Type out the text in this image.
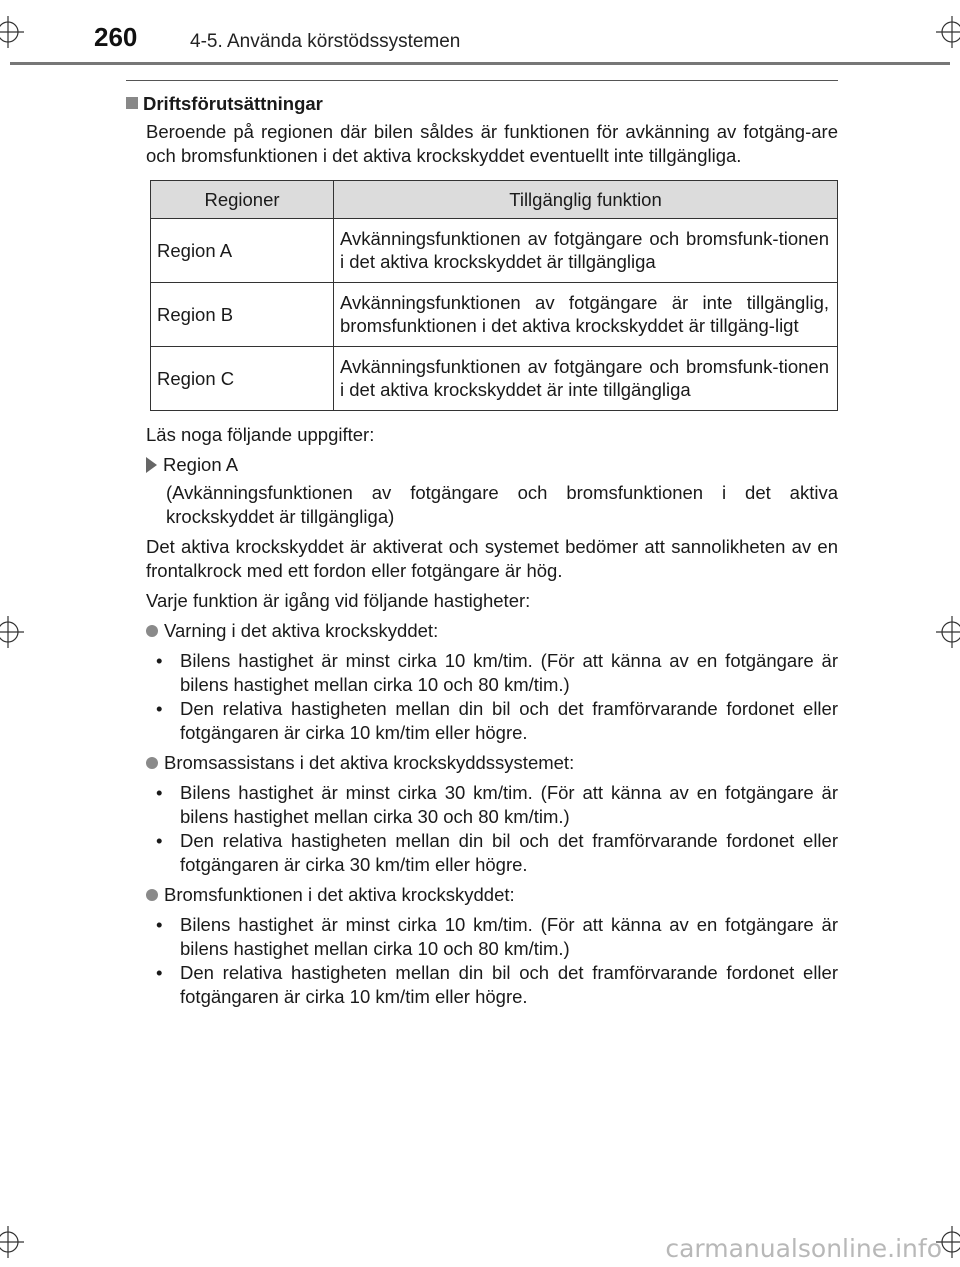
260	4-5. Använda körstödssystemen
Driftsförutsättningar

Beroende på regionen där bilen såldes är funktionen för avkänning av fotgäng-are och bromsfunktionen i det aktiva krockskyddet eventuellt inte tillgängliga.

Regioner	Tillgänglig funktion
Region A	Avkänningsfunktionen av fotgängare och bromsfunk-tionen i det aktiva krockskyddet är tillgängliga
Region B	Avkänningsfunktionen av fotgängare är inte tillgänglig, bromsfunktionen i det aktiva krockskyddet är tillgäng-ligt
Region C	Avkänningsfunktionen av fotgängare och bromsfunk-tionen i det aktiva krockskyddet är inte tillgängliga

Läs noga följande uppgifter:

Region A

(Avkänningsfunktionen av fotgängare och bromsfunktionen i det aktiva krockskyddet är tillgängliga)

Det aktiva krockskyddet är aktiverat och systemet bedömer att sannolikheten av en frontalkrock med ett fordon eller fotgängare är hög.

Varje funktion är igång vid följande hastigheter:

Varning i det aktiva krockskyddet:
• Bilens hastighet är minst cirka 10 km/tim. (För att känna av en fotgängare är bilens hastighet mellan cirka 10 och 80 km/tim.)
• Den relativa hastigheten mellan din bil och det framförvarande fordonet eller fotgängaren är cirka 10 km/tim eller högre.
Bromsassistans i det aktiva krockskyddssystemet:
• Bilens hastighet är minst cirka 30 km/tim. (För att känna av en fotgängare är bilens hastighet mellan cirka 30 och 80 km/tim.)
• Den relativa hastigheten mellan din bil och det framförvarande fordonet eller fotgängaren är cirka 30 km/tim eller högre.
Bromsfunktionen i det aktiva krockskyddet:
• Bilens hastighet är minst cirka 10 km/tim. (För att känna av en fotgängare är bilens hastighet mellan cirka 10 och 80 km/tim.)
• Den relativa hastigheten mellan din bil och det framförvarande fordonet eller fotgängaren är cirka 10 km/tim eller högre.
carmanualsonline.info
